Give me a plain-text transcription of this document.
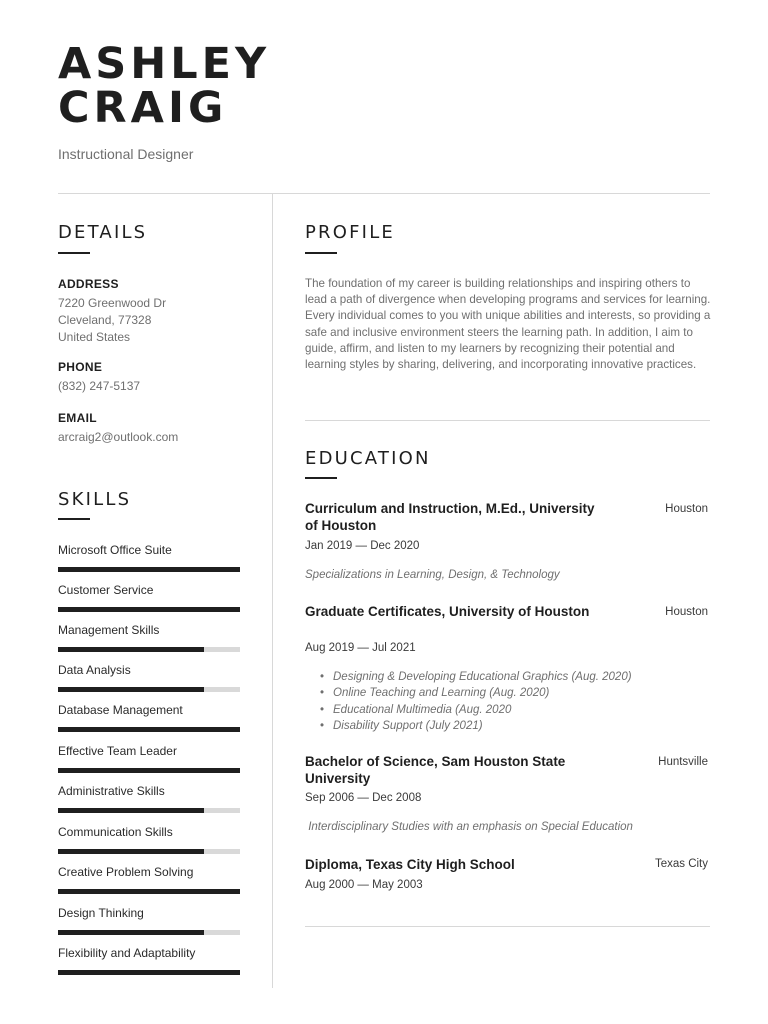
ASHLEY
CRAIG
Instructional Designer
DETAILS
ADDRESS
7220 Greenwood Dr
Cleveland, 77328
United States
PHONE
(832) 247-5137
EMAIL
arcraig2@outlook.com
SKILLS
Microsoft Office Suite
Customer Service
Management Skills
Data Analysis
Database Management
Effective Team Leader
Administrative Skills
Communication Skills
Creative Problem Solving
Design Thinking
Flexibility and Adaptability
PROFILE
The foundation of my career is building relationships and inspiring others to lead a path of divergence when developing programs and services for learning. Every individual comes to you with unique abilities and interests, so providing a safe and inclusive environment steers the learning path. In addition, I aim to guide, affirm, and listen to my learners by recognizing their potential and learning styles by sharing, delivering, and incorporating innovative practices.
EDUCATION
Curriculum and Instruction, M.Ed., University of Houston
Houston
Jan 2019 — Dec 2020
Specializations in Learning, Design, & Technology
Graduate Certificates, University of Houston	Houston
Aug 2019 — Jul 2021
• Designing & Developing Educational Graphics (Aug. 2020)
• Online Teaching and Learning (Aug. 2020)
• Educational Multimedia (Aug. 2020
• Disability Support (July 2021)
Bachelor of Science, Sam Houston State University
Huntsville
Sep 2006 — Dec 2008
Interdisciplinary Studies with an emphasis on Special Education
Diploma, Texas City High School	Texas City
Aug 2000 — May 2003
